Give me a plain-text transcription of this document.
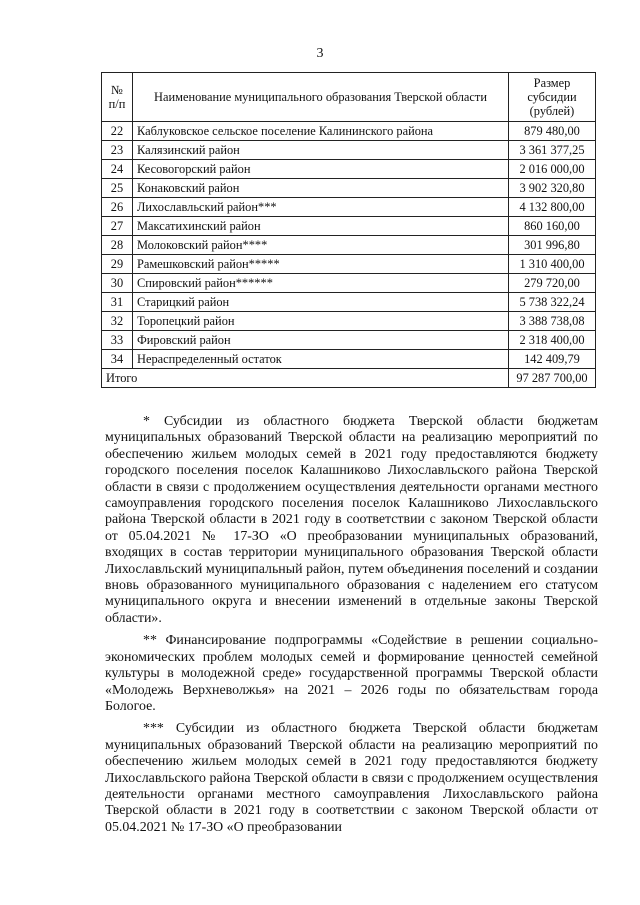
3
№ п/п	Наименование муниципального образования Тверской области	Размер субсидии (рублей)
22	Каблуковское сельское поселение Калининского района	879 480,00
23	Калязинский район	3 361 377,25
24	Кесовогорский район	2 016 000,00
25	Конаковский район	3 902 320,80
26	Лихославльский район***	4 132 800,00
27	Максатихинский район	860 160,00
28	Молоковский район****	301 996,80
29	Рамешковский район*****	1 310 400,00
30	Спировский район******	279 720,00
31	Старицкий район	5 738 322,24
32	Торопецкий район	3 388 738,08
33	Фировский район	2 318 400,00
34	Нераспределенный остаток	142 409,79
Итого		97 287 700,00

* Субсидии из областного бюджета Тверской области бюджетам муниципальных образований Тверской области на реализацию мероприятий по обеспечению жильем молодых семей в 2021 году предоставляются бюджету городского поселения поселок Калашниково Лихославльского района Тверской области в связи с продолжением осуществления деятельности органами местного самоуправления городского поселения поселок Калашниково Лихославльского района Тверской области в 2021 году в соответствии с законом Тверской области от 05.04.2021 № 17-ЗО «О преобразовании муниципальных образований, входящих в состав территории муниципального образования Тверской области Лихославльский муниципальный район, путем объединения поселений и создании вновь образованного муниципального образования с наделением его статусом муниципального округа и внесении изменений в отдельные законы Тверской области».

** Финансирование подпрограммы «Содействие в решении социально-экономических проблем молодых семей и формирование ценностей семейной культуры в молодежной среде» государственной программы Тверской области «Молодежь Верхневолжья» на 2021 – 2026 годы по обязательствам города Бологое.

*** Субсидии из областного бюджета Тверской области бюджетам муниципальных образований Тверской области на реализацию мероприятий по обеспечению жильем молодых семей в 2021 году предоставляются бюджету Лихославльского района Тверской области в связи с продолжением осуществления деятельности органами местного самоуправления Лихославльского района Тверской области в 2021 году в соответствии с законом Тверской области от 05.04.2021 № 17-ЗО «О преобразовании
